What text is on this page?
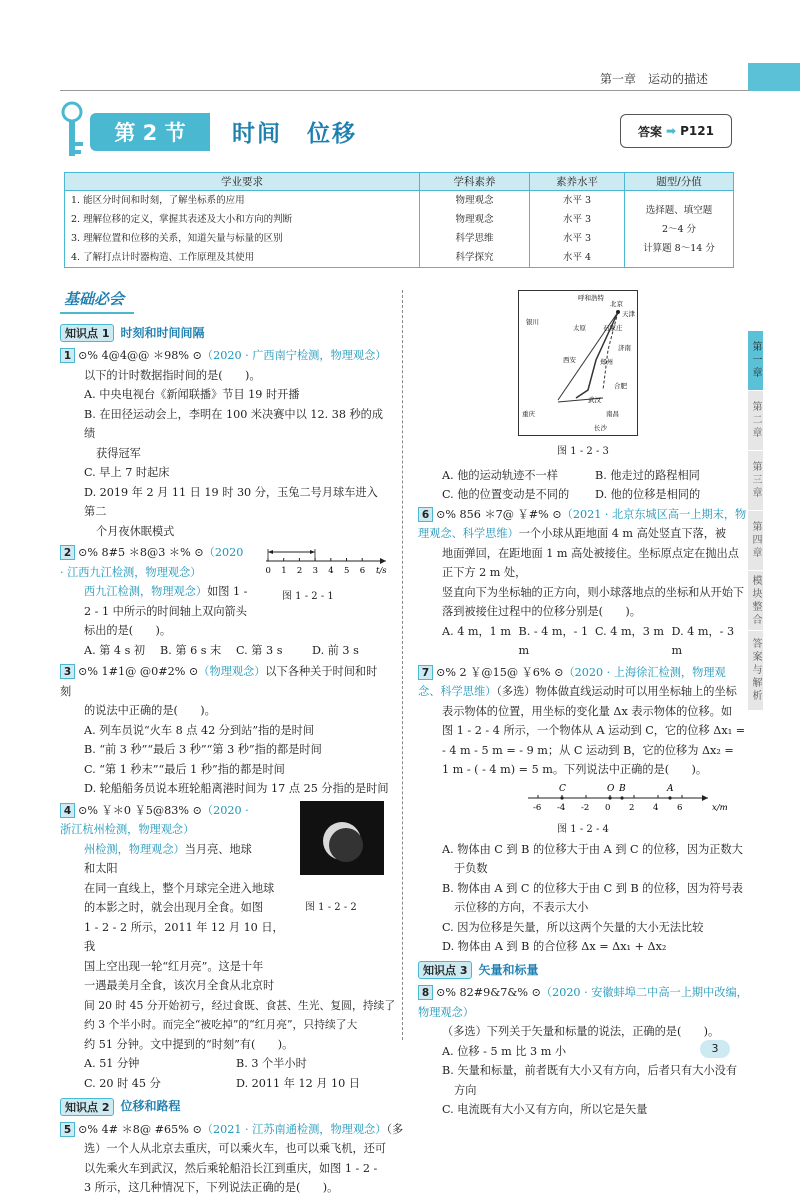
第一章 运动的描述
第 2 节	时间　位移	答案 ➡ P121
学业要求	学科素养	素养水平	题型/分值
1. 能区分时间和时刻，了解坐标系的应用	物理观念	水平 3	选择题、填空题
2～4 分
计算题 8～14 分

2. 理解位移的定义，掌握其表述及大小和方向的判断	物理观念	水平 3	
3. 理解位置和位移的关系，知道矢量与标量的区别	科学思维	水平 3	
4. 了解打点计时器构造、工作原理及其使用	科学探究	水平 4	
基础必会
知识点 1 时刻和时间间隔
1 ⊙% 4@4@@ ＊98% ⊙（2020 · 广西南宁检测，物理观念）
以下的计时数据指时间的是(　　)。
A. 中央电视台《新闻联播》节目 19 时开播
B. 在田径运动会上，李明在 100 米决赛中以 12. 38 秒的成绩
获得冠军
C. 早上 7 时起床
D. 2019 年 2 月 11 日 19 时 30 分，玉兔二号月球车进入第二
个月夜休眠模式
2 ⊙% 8#5 ＊8@3 ＊% ⊙（2020 · 江西九江检测，物理观念）
西九江检测，物理观念）如图 1 -
2 - 1 中所示的时间轴上双向箭头
标出的是(　　)。
0 1 2 3 4 5 6 t/s
图 1 - 2 - 1
A. 第 4 s 初	B. 第 6 s 末	C. 第 3 s	D. 前 3 s
3 ⊙% 1#1@ @0#2% ⊙（物理观念）以下各种关于时间和时刻
的说法中正确的是(　　)。
A. 列车员说“火车 8 点 42 分到站”指的是时间
B. “前 3 秒”“最后 3 秒”“第 3 秒”指的都是时间
C. “第 1 秒末”“最后 1 秒”指的都是时间
D. 轮船船务员说本班轮船离港时间为 17 点 25 分指的是时间
4 ⊙% ￥＊0 ￥5@83% ⊙（2020 · 浙江杭州检测，物理观念）
州检测，物理观念）当月亮、地球和太阳
在同一直线上，整个月球完全进入地球
的本影之时，就会出现月全食。如图
1 - 2 - 2 所示，2011 年 12 月 10 日，我
国上空出现一轮“红月亮”。这是十年
一遇最美月全食，该次月全食从北京时
间 20 时 45 分开始初亏，经过食既、食甚、生光、复圆，持续了
约 3 个半小时。而完全“被吃掉”的“红月亮”，只持续了大
约 51 分钟。文中提到的“时刻”有(　　)。
A. 51 分钟	B. 3 个半小时
C. 20 时 45 分	D. 2011 年 12 月 10 日
图 1 - 2 - 2
知识点 2 位移和路程
5 ⊙% 4# ＊8@ #65% ⊙（2021 · 江苏南通检测，物理观念）（多
选）一个人从北京去重庆，可以乘火车，也可以乘飞机，还可
以先乘火车到武汉，然后乘轮船沿长江到重庆，如图 1 - 2 -
3 所示，这几种情况下，下列说法正确的是(　　)。
呼和浩特
北京
天津
银川
太原	石家庄
济南
西安	郑州
合肥
重庆
武汉
南昌
长沙
图 1 - 2 - 3
A. 他的运动轨迹不一样	B. 他走过的路程相同
C. 他的位置变动是不同的	D. 他的位移是相同的
6 ⊙% 856 ＊7@ ￥#% ⊙（2021 · 北京东城区高一上期末，物理观念、科学思维）一个小球从距地面 4 m 高处竖直下落，被
地面弹回，在距地面 1 m 高处被接住。坐标原点定在抛出点正下方 2 m 处，
竖直向下为坐标轴的正方向，则小球落地点的坐标和从开始下
落到被接住过程中的位移分别是(　　)。
A. 4 m，1 m B. - 4 m，- 1 m
C. 4 m，3 m D. 4 m，- 3 m
7 ⊙% 2 ￥@15@ ￥6% ⊙（2020 · 上海徐汇检测，物理观念、科学思维）（多选）物体做直线运动时可以用坐标轴上的坐标
表示物体的位置，用坐标的变化量 Δx 表示物体的位移。如
图 1 - 2 - 4 所示，一个物体从 A 运动到 C，它的位移 Δx₁ =
- 4 m - 5 m = - 9 m；从 C 运动到 B，它的位移为 Δx₂ =
1 m - ( - 4 m) = 5 m。下列说法中正确的是(　　)。
-6 -4 -2 0 2 4 6	x/m
C	O B	A
图 1 - 2 - 4
A. 物体由 C 到 B 的位移大于由 A 到 C 的位移，因为正数大
于负数
B. 物体由 A 到 C 的位移大于由 C 到 B 的位移，因为符号表
示位移的方向，不表示大小
C. 因为位移是矢量，所以这两个矢量的大小无法比较
D. 物体由 A 到 B 的合位移 Δx = Δx₁ + Δx₂
知识点 3 矢量和标量
8 ⊙% 82#9&7&% ⊙（2020 · 安徽蚌埠二中高一上期中改编，物理观念）
（多选）下列关于矢量和标量的说法，正确的是(　　)。
A. 位移 - 5 m 比 3 m 小
B. 矢量和标量，前者既有大小又有方向，后者只有大小没有
方向
C. 电流既有大小又有方向，所以它是矢量
第一章
第二章
第三章
第四章
模块整合
答案与解析
3
